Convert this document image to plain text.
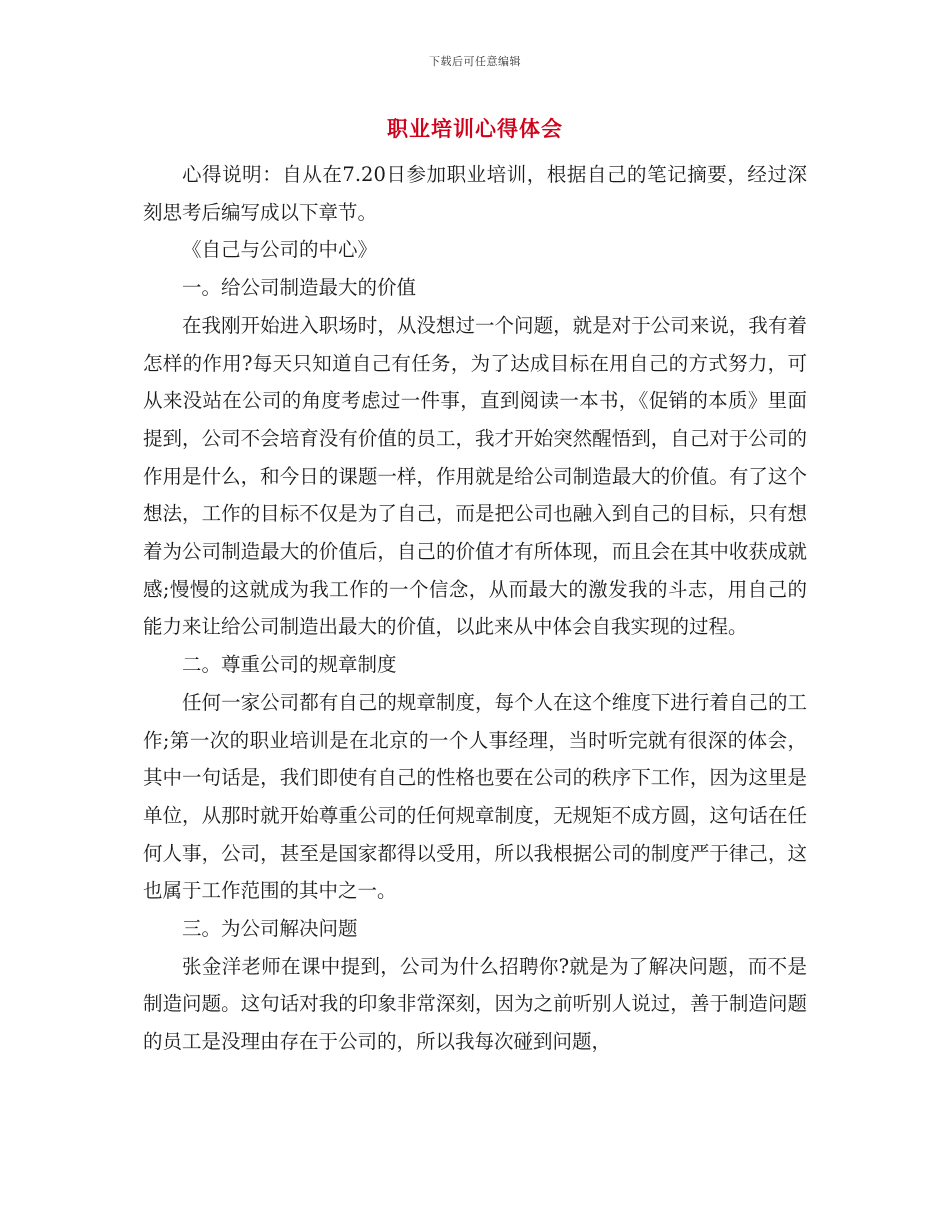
下载后可任意编辑
职业培训心得体会

心得说明：自从在7.20日参加职业培训，根据自己的笔记摘要，经过深刻思考后编写成以下章节。

《自己与公司的中心》

一。给公司制造最大的价值

在我刚开始进入职场时，从没想过一个问题，就是对于公司来说，我有着怎样的作用?每天只知道自己有任务，为了达成目标在用自己的方式努力，可从来没站在公司的角度考虑过一件事，直到阅读一本书，《促销的本质》里面提到，公司不会培育没有价值的员工，我才开始突然醒悟到，自己对于公司的作用是什么，和今日的课题一样，作用就是给公司制造最大的价值。有了这个想法，工作的目标不仅是为了自己，而是把公司也融入到自己的目标，只有想着为公司制造最大的价值后，自己的价值才有所体现，而且会在其中收获成就感;慢慢的这就成为我工作的一个信念，从而最大的激发我的斗志，用自己的能力来让给公司制造出最大的价值，以此来从中体会自我实现的过程。

二。尊重公司的规章制度

任何一家公司都有自己的规章制度，每个人在这个维度下进行着自己的工作;第一次的职业培训是在北京的一个人事经理，当时听完就有很深的体会，其中一句话是，我们即使有自己的性格也要在公司的秩序下工作，因为这里是单位，从那时就开始尊重公司的任何规章制度，无规矩不成方圆，这句话在任何人事，公司，甚至是国家都得以受用，所以我根据公司的制度严于律己，这也属于工作范围的其中之一。

三。为公司解决问题

张金洋老师在课中提到，公司为什么招聘你?就是为了解决问题，而不是制造问题。这句话对我的印象非常深刻，因为之前听别人说过，善于制造问题的员工是没理由存在于公司的，所以我每次碰到问题，
